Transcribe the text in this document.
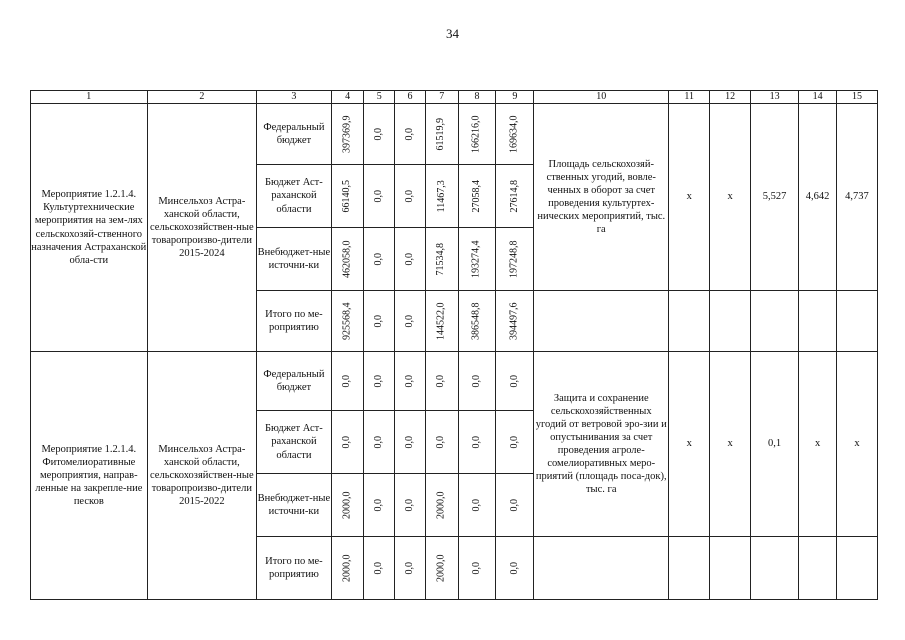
34
1	2	3	4	5	6	7	8	9	10	11	12	13	14	15
Мероприятие 1.2.1.4. Культуртехнические мероприятия на зем-лях сельскохозяй-ственного назначения Астраханской обла-сти	Минсельхоз Астра-ханской области, сельскохозяйствен-ные товаропроизво-дители 2015-2024	Федеральный бюджет	397369,9	0,0	0,0	61519,9	166216,0	169634,0	Площадь сельскохозяй-ственных угодий, вовле-ченных в оборот за счет проведения культуртех-нических мероприятий, тыс. га	х	х	5,527	4,642	4,737
		Бюджет Аст-раханской области	66140,5	0,0	0,0	11467,3	27058,4	27614,8						

		Внебюджет-ные источни-ки	462058,0	0,0	0,0	71534,8	193274,4	197248,8						

		Итого по ме-роприятию	925568,4	0,0	0,0	144522,0	386548,8	394497,6						

Мероприятие 1.2.1.4. Фитомелиоративные мероприятия, направ-ленные на закрепле-ние песков	Минсельхоз Астра-ханской области, сельскохозяйствен-ные товаропроизво-дители 2015-2022	Федеральный бюджет	0,0	0,0	0,0	0,0	0,0	0,0	Защита и сохранение сельскохозяйственных угодий от ветровой эро-зии и опустынивания за счет проведения агроле-сомелиоративных меро-приятий (площадь поса-док), тыс. га	х	х	0,1	х	х
		Бюджет Аст-раханской области	0,0	0,0	0,0	0,0	0,0	0,0						

		Внебюджет-ные источни-ки	2000,0	0,0	0,0	2000,0	0,0	0,0						

		Итого по ме-роприятию	2000,0	0,0	0,0	2000,0	0,0	0,0						
